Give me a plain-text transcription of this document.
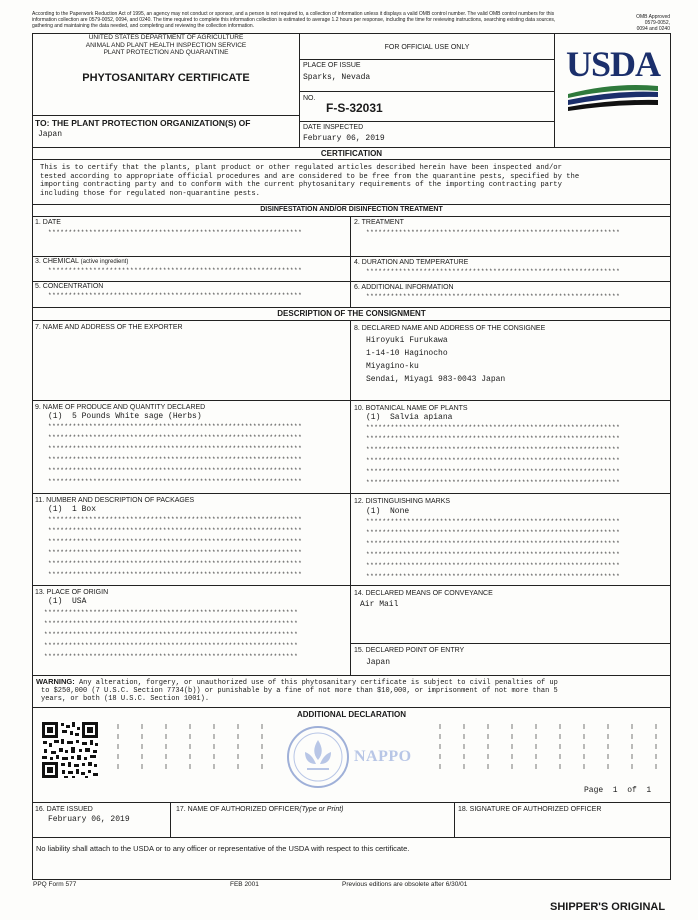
According to the Paperwork Reduction Act of 1995, an agency may not conduct or sponsor, and a person is not required to, a collection of information unless it displays a valid OMB control number. The valid OMB control numbers for this information collection are 0579-0052, 0094, and 0240. The time required to complete this information collection is estimated to average 1.2 hours per response, including the time for reviewing instructions, searching existing data sources, gathering and maintaining the data needed, and completing and reviewing the collection information.
OMB Approved
0579-0052,
0094 and 0240
UNITED STATES DEPARTMENT OF AGRICULTURE
ANIMAL AND PLANT HEALTH INSPECTION SERVICE
PLANT PROTECTION AND QUARANTINE
PHYTOSANITARY CERTIFICATE
FOR OFFICIAL USE ONLY
PLACE OF ISSUE
Sparks, Nevada
NO.
F-S-32031
USDA
TO: THE PLANT PROTECTION ORGANIZATION(S) OF
Japan
DATE INSPECTED
February 06, 2019
CERTIFICATION
This is to certify that the plants, plant product or other regulated articles described herein have been inspected and/or
tested according to appropriate official procedures and are considered to be free from the quarantine pests, specified by the
importing contracting party and to conform with the current phytosanitary requirements of the importing contracting party
including those for regulated non-quarantine pests.
DISINFESTATION AND/OR DISINFECTION TREATMENT
1. DATE
**************************************************************
2. TREATMENT
**************************************************************
3. CHEMICAL (active ingredient)
**************************************************************
4. DURATION AND TEMPERATURE
**************************************************************
5. CONCENTRATION
**************************************************************
6. ADDITIONAL INFORMATION
**************************************************************
DESCRIPTION OF THE CONSIGNMENT
7. NAME AND ADDRESS OF THE EXPORTER	8. DECLARED NAME AND ADDRESS OF THE CONSIGNEE
Hiroyuki Furukawa
1-14-10 Haginocho
Miyagino-ku
Sendai, Miyagi 983-0043 Japan
9. NAME OF PRODUCE AND QUANTITY DECLARED
(1)  5 Pounds White sage (Herbs)
**************************************************************
**************************************************************
**************************************************************
**************************************************************
**************************************************************
**************************************************************
10. BOTANICAL NAME OF PLANTS
(1)  Salvia apiana
**************************************************************
**************************************************************
**************************************************************
**************************************************************
**************************************************************
**************************************************************
11. NUMBER AND DESCRIPTION OF PACKAGES
(1)  1 Box
**************************************************************
**************************************************************
**************************************************************
**************************************************************
**************************************************************
**************************************************************
12. DISTINGUISHING MARKS
(1)  None
**************************************************************
**************************************************************
**************************************************************
**************************************************************
**************************************************************
**************************************************************
13. PLACE OF ORIGIN
(1)  USA
**************************************************************
**************************************************************
**************************************************************
**************************************************************
**************************************************************
14. DECLARED MEANS OF CONVEYANCE
Air Mail
15. DECLARED POINT OF ENTRY
Japan
WARNING: Any alteration, forgery, or unauthorized use of this phytosanitary certificate is subject to civil penalties of up
to $250,000 (7 U.S.C. Section 7734(b)) or punishable by a fine of not more than $10,000, or imprisonment of not more than 5
years, or both (18 U.S.C. Section 1001).
ADDITIONAL DECLARATION
NAPPO
Page  1  of  1
16. DATE ISSUED
February 06, 2019
17. NAME OF AUTHORIZED OFFICER(Type or Print)	18. SIGNATURE OF AUTHORIZED OFFICER
No liability shall attach to the USDA or to any officer or representative of the USDA with respect to this certificate.
PPQ Form 577	FEB 2001	Previous editions are obsolete after 6/30/01
SHIPPER'S ORIGINAL
